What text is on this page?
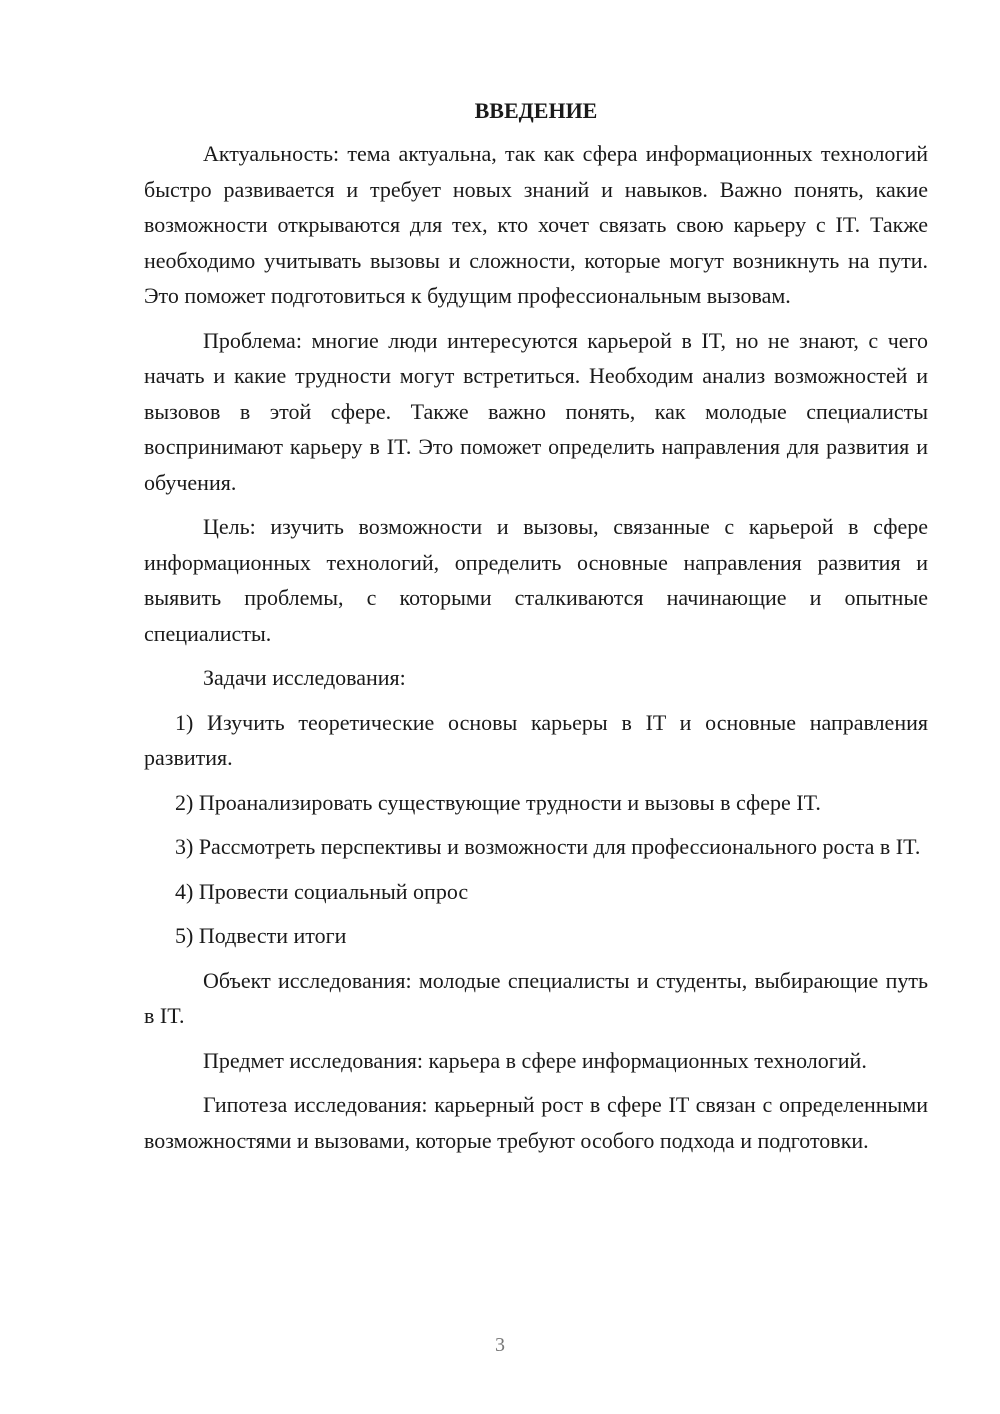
ВВЕДЕНИЕ

Актуальность: тема актуальна, так как сфера информационных технологий быстро развивается и требует новых знаний и навыков. Важно понять, какие возможности открываются для тех, кто хочет связать свою карьеру с IT. Также необходимо учитывать вызовы и сложности, которые могут возникнуть на пути. Это поможет подготовиться к будущим профессиональным вызовам.

Проблема: многие люди интересуются карьерой в IT, но не знают, с чего начать и какие трудности могут встретиться. Необходим анализ возможностей и вызовов в этой сфере. Также важно понять, как молодые специалисты воспринимают карьеру в IT. Это поможет определить направления для развития и обучения.

Цель: изучить возможности и вызовы, связанные с карьерой в сфере информационных технологий, определить основные направления развития и выявить проблемы, с которыми сталкиваются начинающие и опытные специалисты.

Задачи исследования:

1) Изучить теоретические основы карьеры в IT и основные направления развития.

2) Проанализировать существующие трудности и вызовы в сфере IT.

3) Рассмотреть перспективы и возможности для профессионального роста в IT.

4) Провести социальный опрос

5) Подвести итоги

Объект исследования: молодые специалисты и студенты, выбирающие путь в IT.

Предмет исследования: карьера в сфере информационных технологий.

Гипотеза исследования: карьерный рост в сфере IT связан с определенными возможностями и вызовами, которые требуют особого подхода и подготовки.

3
